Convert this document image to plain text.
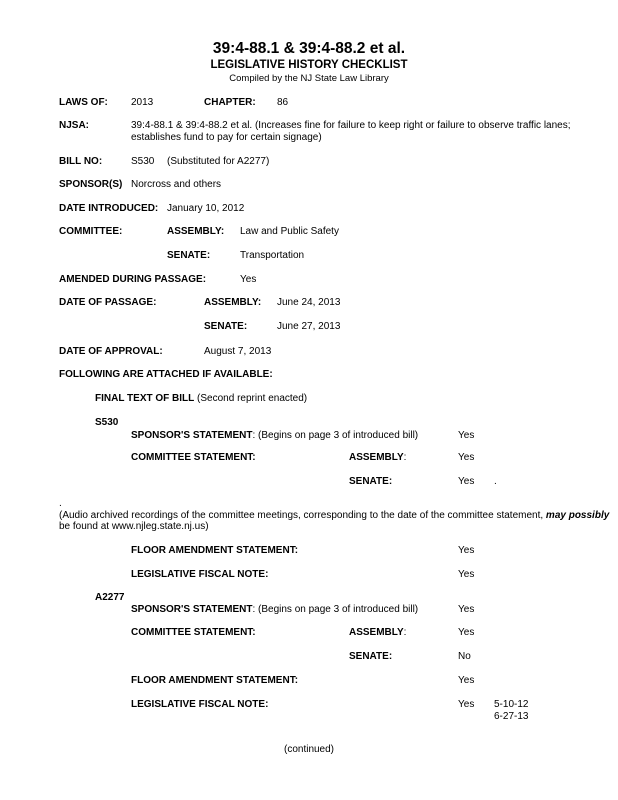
39:4-88.1 & 39:4-88.2 et al.
LEGISLATIVE HISTORY CHECKLIST
Compiled by the NJ State Law Library
LAWS OF: 2013	CHAPTER: 86
NJSA:	39:4-88.1 & 39:4-88.2 et al. (Increases fine for failure to keep right or failure to observe traffic lanes;
establishes fund to pay for certain signage)
BILL NO:	S530 (Substituted for A2277)
SPONSOR(S) Norcross and others
DATE INTRODUCED: January 10, 2012
COMMITTEE:	ASSEMBLY: Law and Public Safety
SENATE:	Transportation
AMENDED DURING PASSAGE:	Yes
DATE OF PASSAGE:	ASSEMBLY: June 24, 2013
SENATE:	June 27, 2013
DATE OF APPROVAL:	August 7, 2013
FOLLOWING ARE ATTACHED IF AVAILABLE:
FINAL TEXT OF BILL (Second reprint enacted)
S530
SPONSOR'S STATEMENT: (Begins on page 3 of introduced bill)	Yes
COMMITTEE STATEMENT:	ASSEMBLY:	Yes
SENATE:	Yes .
.
(Audio archived recordings of the committee meetings, corresponding to the date of the committee statement, may possibly
be found at www.njleg.state.nj.us)
FLOOR AMENDMENT STATEMENT:	Yes
LEGISLATIVE FISCAL NOTE:	Yes
A2277
SPONSOR'S STATEMENT: (Begins on page 3 of introduced bill)	Yes
COMMITTEE STATEMENT:	ASSEMBLY:	Yes
SENATE:	No
FLOOR AMENDMENT STATEMENT:	Yes
LEGISLATIVE FISCAL NOTE:	Yes 5-10-12
6-27-13
(continued)
